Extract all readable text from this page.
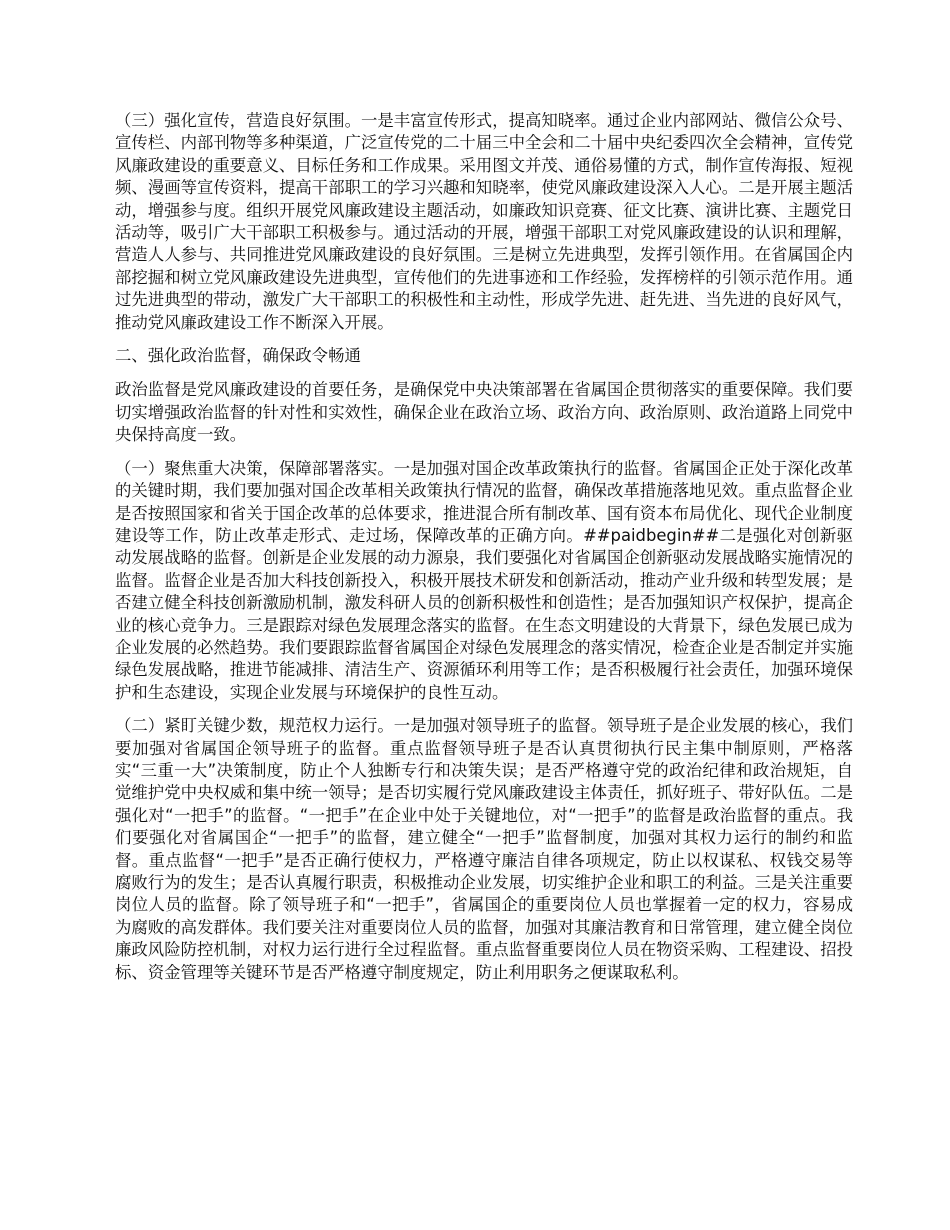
（三）强化宣传，营造良好氛围。一是丰富宣传形式，提高知晓率。通过企业内部网站、微信公众号、宣传栏、内部刊物等多种渠道，广泛宣传党的二十届三中全会和二十届中央纪委四次全会精神，宣传党风廉政建设的重要意义、目标任务和工作成果。采用图文并茂、通俗易懂的方式，制作宣传海报、短视频、漫画等宣传资料，提高干部职工的学习兴趣和知晓率，使党风廉政建设深入人心。二是开展主题活动，增强参与度。组织开展党风廉政建设主题活动，如廉政知识竞赛、征文比赛、演讲比赛、主题党日活动等，吸引广大干部职工积极参与。通过活动的开展，增强干部职工对党风廉政建设的认识和理解，营造人人参与、共同推进党风廉政建设的良好氛围。三是树立先进典型，发挥引领作用。在省属国企内部挖掘和树立党风廉政建设先进典型，宣传他们的先进事迹和工作经验，发挥榜样的引领示范作用。通过先进典型的带动，激发广大干部职工的积极性和主动性，形成学先进、赶先进、当先进的良好风气，推动党风廉政建设工作不断深入开展。

二、强化政治监督，确保政令畅通

政治监督是党风廉政建设的首要任务，是确保党中央决策部署在省属国企贯彻落实的重要保障。我们要切实增强政治监督的针对性和实效性，确保企业在政治立场、政治方向、政治原则、政治道路上同党中央保持高度一致。

（一）聚焦重大决策，保障部署落实。一是加强对国企改革政策执行的监督。省属国企正处于深化改革的关键时期，我们要加强对国企改革相关政策执行情况的监督，确保改革措施落地见效。重点监督企业是否按照国家和省关于国企改革的总体要求，推进混合所有制改革、国有资本布局优化、现代企业制度建设等工作，防止改革走形式、走过场，保障改革的正确方向。##paidbegin##二是强化对创新驱动发展战略的监督。创新是企业发展的动力源泉，我们要强化对省属国企创新驱动发展战略实施情况的监督。监督企业是否加大科技创新投入，积极开展技术研发和创新活动，推动产业升级和转型发展；是否建立健全科技创新激励机制，激发科研人员的创新积极性和创造性；是否加强知识产权保护，提高企业的核心竞争力。三是跟踪对绿色发展理念落实的监督。在生态文明建设的大背景下，绿色发展已成为企业发展的必然趋势。我们要跟踪监督省属国企对绿色发展理念的落实情况，检查企业是否制定并实施绿色发展战略，推进节能减排、清洁生产、资源循环利用等工作；是否积极履行社会责任，加强环境保护和生态建设，实现企业发展与环境保护的良性互动。

（二）紧盯关键少数，规范权力运行。一是加强对领导班子的监督。领导班子是企业发展的核心，我们要加强对省属国企领导班子的监督。重点监督领导班子是否认真贯彻执行民主集中制原则，严格落实“三重一大”决策制度，防止个人独断专行和决策失误；是否严格遵守党的政治纪律和政治规矩，自觉维护党中央权威和集中统一领导；是否切实履行党风廉政建设主体责任，抓好班子、带好队伍。二是强化对“一把手”的监督。“一把手”在企业中处于关键地位，对“一把手”的监督是政治监督的重点。我们要强化对省属国企“一把手”的监督，建立健全“一把手”监督制度，加强对其权力运行的制约和监督。重点监督“一把手”是否正确行使权力，严格遵守廉洁自律各项规定，防止以权谋私、权钱交易等腐败行为的发生；是否认真履行职责，积极推动企业发展，切实维护企业和职工的利益。三是关注重要岗位人员的监督。除了领导班子和“一把手”，省属国企的重要岗位人员也掌握着一定的权力，容易成为腐败的高发群体。我们要关注对重要岗位人员的监督，加强对其廉洁教育和日常管理，建立健全岗位廉政风险防控机制，对权力运行进行全过程监督。重点监督重要岗位人员在物资采购、工程建设、招投标、资金管理等关键环节是否严格遵守制度规定，防止利用职务之便谋取私利。
